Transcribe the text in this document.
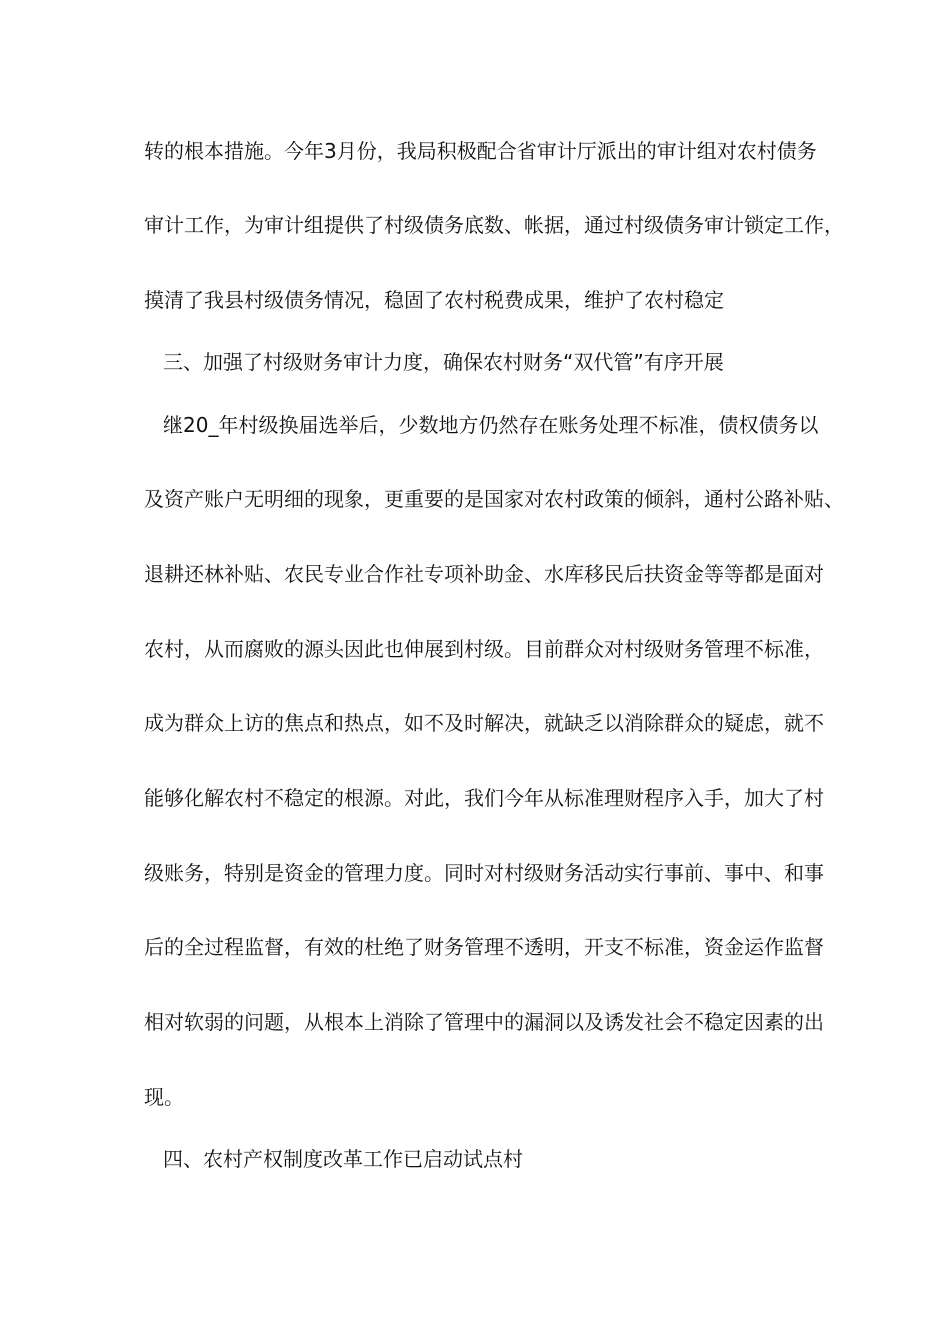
转的根本措施。今年3月份，我局积极配合省审计厅派出的审计组对农村债务
审计工作，为审计组提供了村级债务底数、帐据，通过村级债务审计锁定工作，
摸清了我县村级债务情况，稳固了农村税费成果，维护了农村稳定
三、加强了村级财务审计力度，确保农村财务“双代管”有序开展
继20_年村级换届选举后，少数地方仍然存在账务处理不标准，债权债务以
及资产账户无明细的现象，更重要的是国家对农村政策的倾斜，通村公路补贴、
退耕还林补贴、农民专业合作社专项补助金、水库移民后扶资金等等都是面对
农村，从而腐败的源头因此也伸展到村级。目前群众对村级财务管理不标准，
成为群众上访的焦点和热点，如不及时解决，就缺乏以消除群众的疑虑，就不
能够化解农村不稳定的根源。对此，我们今年从标准理财程序入手，加大了村
级账务，特别是资金的管理力度。同时对村级财务活动实行事前、事中、和事
后的全过程监督，有效的杜绝了财务管理不透明，开支不标准，资金运作监督
相对软弱的问题，从根本上消除了管理中的漏洞以及诱发社会不稳定因素的出
现。
四、农村产权制度改革工作已启动试点村
